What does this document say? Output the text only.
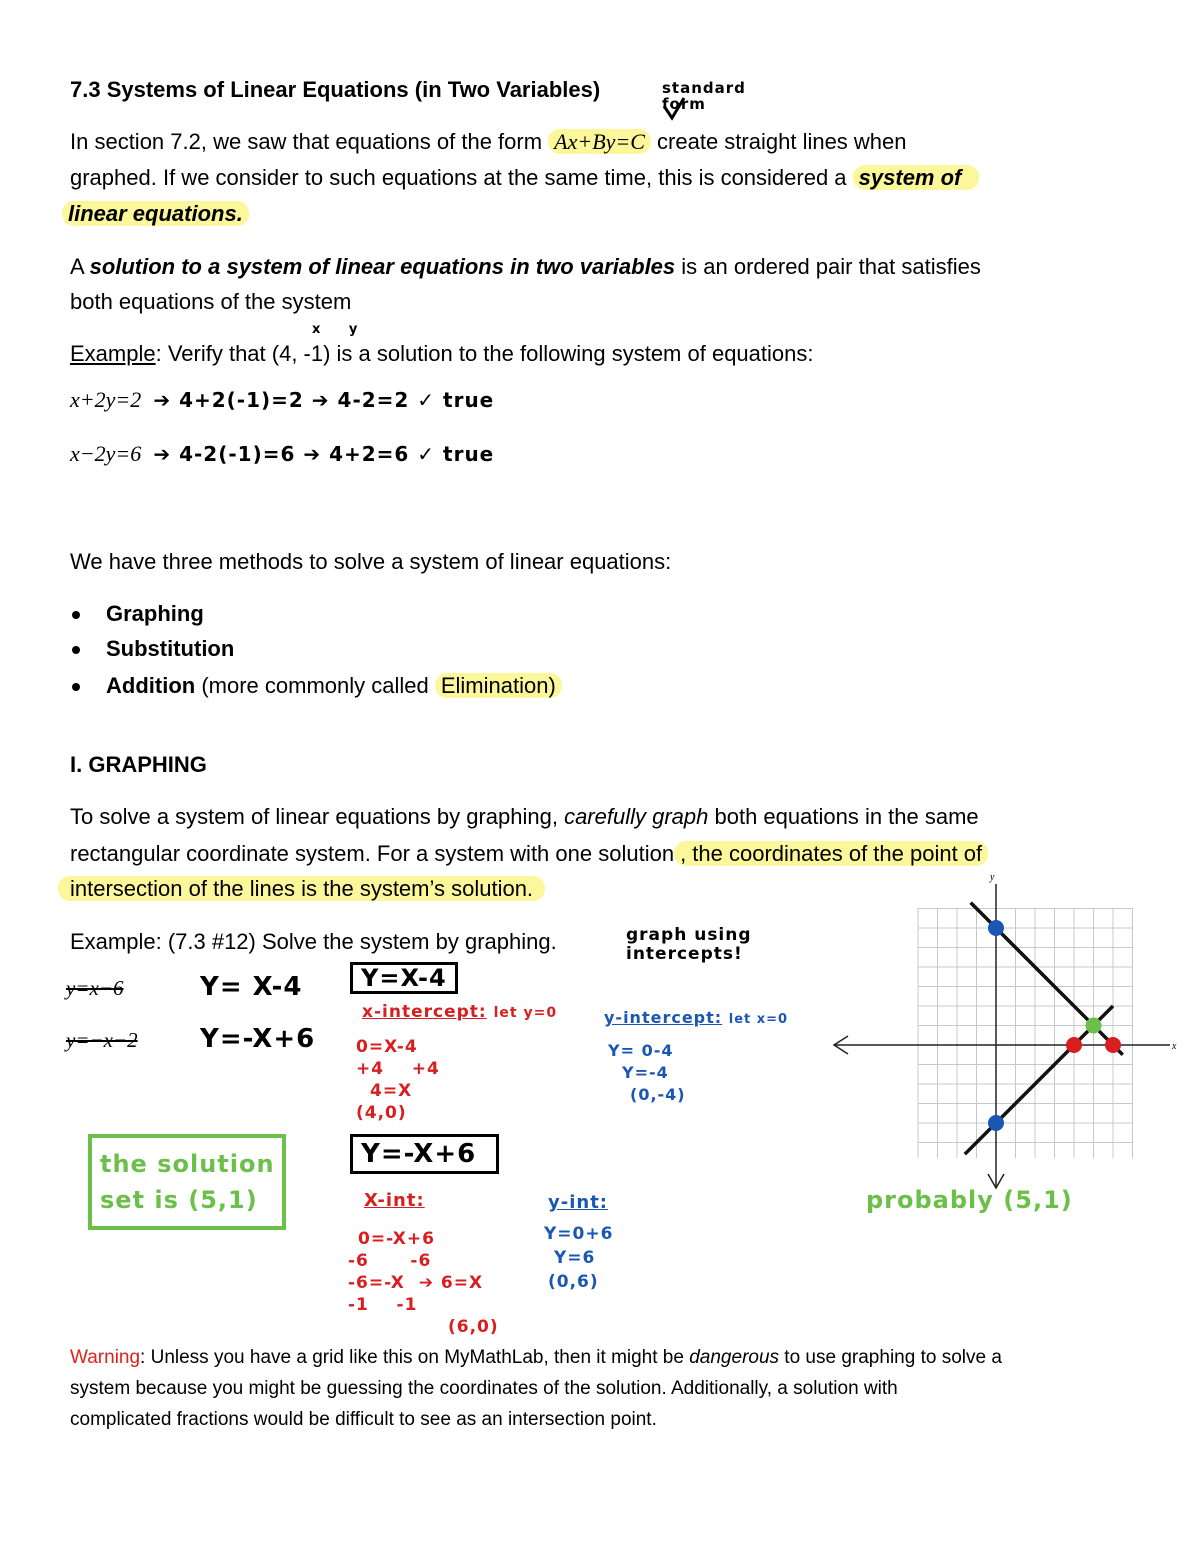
7.3 Systems of Linear Equations (in Two Variables)	standard form
In section 7.2, we saw that equations of the form Ax+By=C create straight lines when
graphed. If we consider to such equations at the same time, this is considered a system of
linear equations.
A solution to a system of linear equations in two variables is an ordered pair that satisfies
both equations of the system
x y
Example: Verify that (4, -1) is a solution to the following system of equations:
x+2y=2 ➔ 4+2(-1)=2 ➔ 4-2=2 ✓ true
x−2y=6 ➔ 4-2(-1)=6 ➔ 4+2=6 ✓ true
We have three methods to solve a system of linear equations:
Graphing
Substitution
Addition (more commonly called Elimination)
I. GRAPHING
To solve a system of linear equations by graphing, carefully graph both equations in the same
rectangular coordinate system. For a system with one solution , the coordinates of the point of
intersection of the lines is the system’s solution.
Example: (7.3 #12) Solve the system by graphing.	graph using intercepts!
y=x−6
y=−x−2
Y= X-4
Y=-X+6
Y=X-4
x-intercept: let y=0
0=X-4
+4    +4
4=X
(4,0)
y-intercept: let x=0
Y= 0-4
Y=-4
(0,-4)
Y=-X+6
X-int:
0=-X+6
-6      -6
-6=-X  ➔ 6=X
-1    -1
(6,0)
y-int:
Y=0+6
Y=6
(0,6)
the solution
set is (5,1)
x
y
probably (5,1)
Warning: Unless you have a grid like this on MyMathLab, then it might be dangerous to use graphing to solve a
system because you might be guessing the coordinates of the solution. Additionally, a solution with
complicated fractions would be difficult to see as an intersection point.
